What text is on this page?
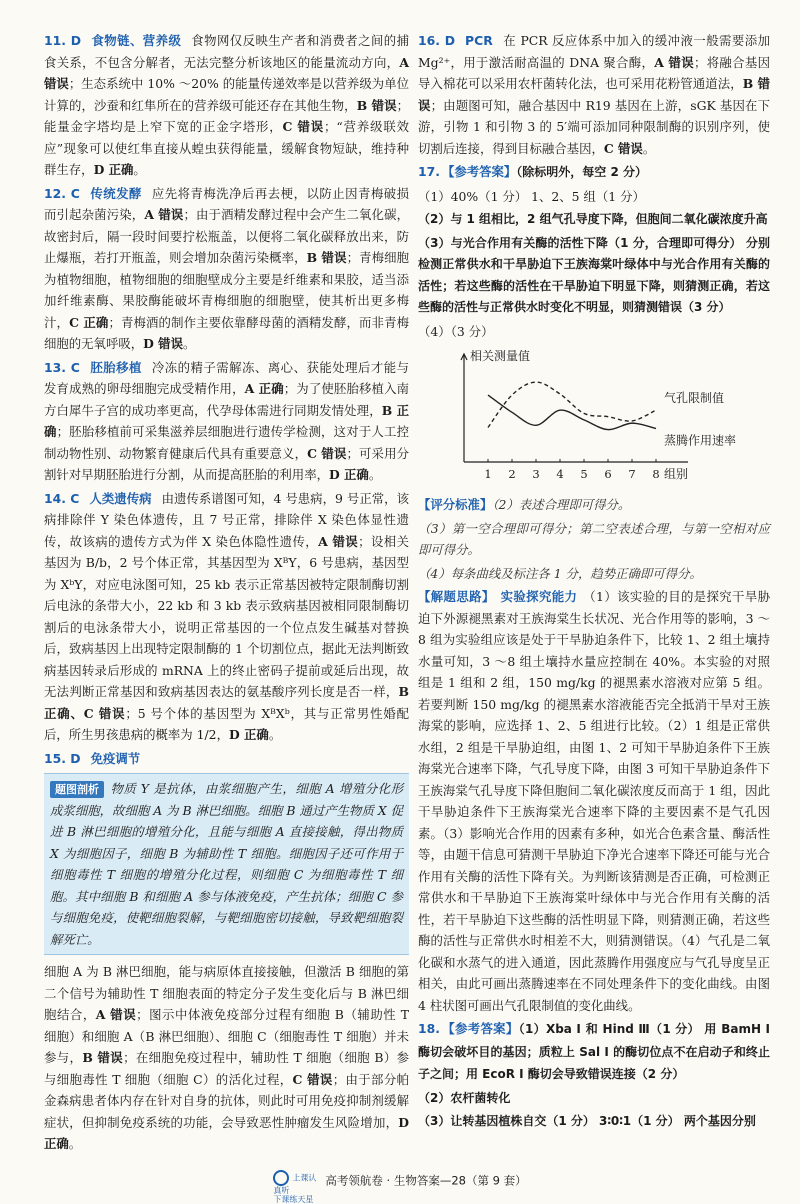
11. D 食物链、营养级 食物网仅反映生产者和消费者之间的捕食关系，不包含分解者，无法完整分析该地区的能量流动方向，A 错误；生态系统中 10% ～20% 的能量传递效率是以营养级为单位计算的，沙蚕和红隼所在的营养级可能还存在其他生物，B 错误；能量金字塔均是上窄下宽的正金字塔形，C 错误；“营养级联效应”现象可以使红隼直接从蝗虫获得能量，缓解食物短缺，维持种群生存，D 正确。

12. C 传统发酵 应先将青梅洗净后再去梗，以防止因青梅破损而引起杂菌污染，A 错误；由于酒精发酵过程中会产生二氧化碳，故密封后，隔一段时间要拧松瓶盖，以便将二氧化碳释放出来，防止爆瓶，若打开瓶盖，则会增加杂菌污染概率，B 错误；青梅细胞为植物细胞，植物细胞的细胞壁成分主要是纤维素和果胶，适当添加纤维素酶、果胶酶能破坏青梅细胞的细胞壁，使其析出更多梅汁，C 正确；青梅酒的制作主要依靠酵母菌的酒精发酵，而非青梅细胞的无氧呼吸，D 错误。

13. C 胚胎移植 冷冻的精子需解冻、离心、获能处理后才能与发育成熟的卵母细胞完成受精作用，A 正确；为了使胚胎移植入南方白犀牛子宫的成功率更高，代孕母体需进行同期发情处理，B 正确；胚胎移植前可采集滋养层细胞进行遗传学检测，这对于人工控制动物性别、动物繁育健康后代具有重要意义，C 错误；可采用分割针对早期胚胎进行分割，从而提高胚胎的利用率，D 正确。

14. C 人类遗传病 由遗传系谱图可知，4 号患病，9 号正常，该病排除伴 Y 染色体遗传，且 7 号正常，排除伴 X 染色体显性遗传，故该病的遗传方式为伴 X 染色体隐性遗传，A 错误；设相关基因为 B/b，2 号个体正常，其基因型为 XᴮY，6 号患病，基因型为 XᵇY，对应电泳图可知，25 kb 表示正常基因被特定限制酶切割后电泳的条带大小，22 kb 和 3 kb 表示致病基因被相同限制酶切割后的电泳条带大小，说明正常基因的一个位点发生碱基对替换后，致病基因上出现特定限制酶的 1 个切割位点，据此无法判断致病基因转录后形成的 mRNA 上的终止密码子提前或延后出现，故无法判断正常基因和致病基因表达的氨基酸序列长度是否一样，B 正确、C 错误；5 号个体的基因型为 XᴮXᵇ，其与正常男性婚配后，所生男孩患病的概率为 1/2，D 正确。

15. D 免疫调节
题图剖析 物质 Y 是抗体，由浆细胞产生，细胞 A 增殖分化形成浆细胞，故细胞 A 为 B 淋巴细胞。细胞 B 通过产生物质 X 促进 B 淋巴细胞的增殖分化，且能与细胞 A 直接接触，得出物质 X 为细胞因子，细胞 B 为辅助性 T 细胞。细胞因子还可作用于细胞毒性 T 细胞的增殖分化过程，则细胞 C 为细胞毒性 T 细胞。其中细胞 B 和细胞 A 参与体液免疫，产生抗体；细胞 C 参与细胞免疫，使靶细胞裂解，与靶细胞密切接触，导致靶细胞裂解死亡。

细胞 A 为 B 淋巴细胞，能与病原体直接接触，但激活 B 细胞的第二个信号为辅助性 T 细胞表面的特定分子发生变化后与 B 淋巴细胞结合，A 错误；图示中体液免疫部分过程有细胞 B（辅助性 T 细胞）和细胞 A（B 淋巴细胞）、细胞 C（细胞毒性 T 细胞）并未参与，B 错误；在细胞免疫过程中，辅助性 T 细胞（细胞 B）参与细胞毒性 T 细胞（细胞 C）的活化过程，C 错误；由于部分帕金森病患者体内存在针对自身的抗体，则此时可用免疫抑制剂缓解症状，但抑制免疫系统的功能，会导致恶性肿瘤发生风险增加，D 正确。

16. D PCR 在 PCR 反应体系中加入的缓冲液一般需要添加 Mg²⁺，用于激活耐高温的 DNA 聚合酶，A 错误；将融合基因导入棉花可以采用农杆菌转化法，也可采用花粉管通道法，B 错误；由题图可知，融合基因中 R19 基因在上游，sGK 基因在下游，引物 1 和引物 3 的 5′端可添加同种限制酶的识别序列，使切割后连接，得到目标融合基因，C 错误。

17. 【参考答案】（除标明外，每空 2 分）

（1）40%（1 分） 1、2、5 组（1 分）

（2）与 1 组相比，2 组气孔导度下降，但胞间二氧化碳浓度升高

（3）与光合作用有关酶的活性下降（1 分，合理即可得分） 分别检测正常供水和干旱胁迫下王族海棠叶绿体中与光合作用有关酶的活性；若这些酶的活性在干旱胁迫下明显下降，则猜测正确，若这些酶的活性与正常供水时变化不明显，则猜测错误（3 分）

（4）（3 分）

相关测量值
1 2 3 4 5 6 7 8 组别
气孔限制值
蒸腾作用速率

【评分标准】（2）表述合理即可得分。

（3）第一空合理即可得分；第二空表述合理，与第一空相对应即可得分。

（4）每条曲线及标注各 1 分，趋势正确即可得分。

【解题思路】 实验探究能力 （1）该实验的目的是探究干旱胁迫下外源褪黑素对王族海棠生长状况、光合作用等的影响，3 ～8 组为实验组应该是处于干旱胁迫条件下，比较 1、2 组土壤持水量可知，3 ～8 组土壤持水量应控制在 40%。本实验的对照组是 1 组和 2 组，150 mg/kg 的褪黑素水溶液对应第 5 组。若要判断 150 mg/kg 的褪黑素水溶液能否完全抵消干旱对王族海棠的影响，应选择 1、2、5 组进行比较。（2）1 组是正常供水组，2 组是干旱胁迫组，由图 1、2 可知干旱胁迫条件下王族海棠光合速率下降，气孔导度下降，由图 3 可知干旱胁迫条件下王族海棠气孔导度下降但胞间二氧化碳浓度反而高于 1 组，因此干旱胁迫条件下王族海棠光合速率下降的主要因素不是气孔因素。（3）影响光合作用的因素有多种，如光合色素含量、酶活性等，由题干信息可猜测干旱胁迫下净光合速率下降还可能与光合作用有关酶的活性下降有关。为判断该猜测是否正确，可检测正常供水和干旱胁迫下王族海棠叶绿体中与光合作用有关酶的活性，若干旱胁迫下这些酶的活性明显下降，则猜测正确，若这些酶的活性与正常供水时相差不大，则猜测错误。（4）气孔是二氧化碳和水蒸气的进入通道，因此蒸腾作用强度应与气孔导度呈正相关，由此可画出蒸腾速率在不同处理条件下的变化曲线。由图 4 柱状图可画出气孔限制值的变化曲线。

18. 【参考答案】（1）Xba Ⅰ 和 Hind Ⅲ（1 分） 用 BamH Ⅰ 酶切会破坏目的基因；质粒上 Sal Ⅰ 的酶切位点不在启动子和终止子之间；用 EcoR Ⅰ 酶切会导致错误连接（2 分）

（2）农杆菌转化

（3）让转基因植株自交（1 分） 3∶0∶1（1 分） 两个基因分别

上课认真听
下课练天星高考领航卷 · 生物答案—28（第 9 套）
